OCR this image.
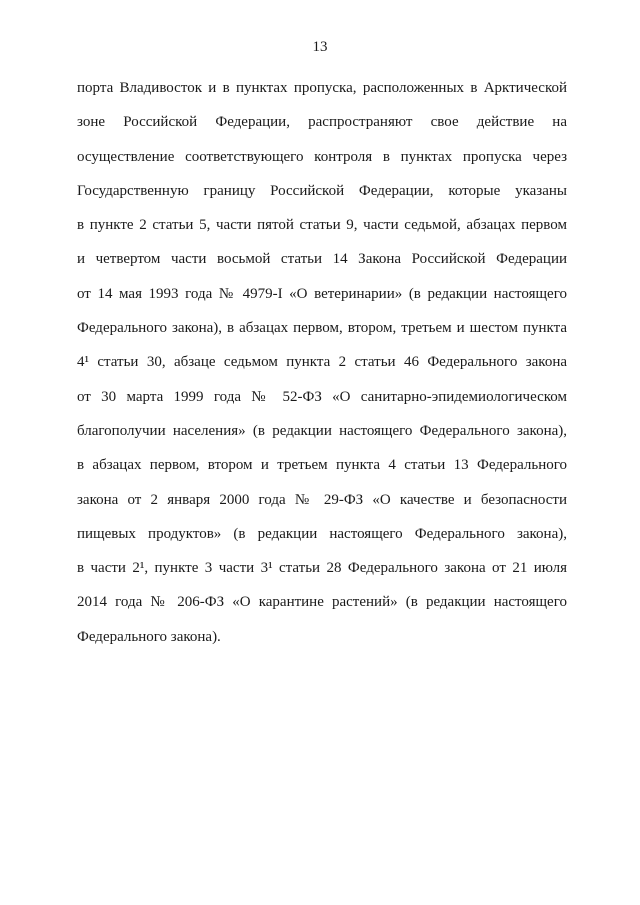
13
порта Владивосток и в пунктах пропуска, расположенных в Арктической
зоне Российской Федерации, распространяют свое действие на
осуществление соответствующего контроля в пунктах пропуска через
Государственную границу Российской Федерации, которые указаны
в пункте 2 статьи 5, части пятой статьи 9, части седьмой, абзацах первом
и четвертом части восьмой статьи 14 Закона Российской Федерации
от 14 мая 1993 года № 4979-I «О ветеринарии» (в редакции настоящего
Федерального закона), в абзацах первом, втором, третьем и шестом пункта
4¹ статьи 30, абзаце седьмом пункта 2 статьи 46 Федерального закона
от 30 марта 1999 года № 52-ФЗ «О санитарно-эпидемиологическом
благополучии населения» (в редакции настоящего Федерального закона),
в абзацах первом, втором и третьем пункта 4 статьи 13 Федерального
закона от 2 января 2000 года № 29-ФЗ «О качестве и безопасности
пищевых продуктов» (в редакции настоящего Федерального закона),
в части 2¹, пункте 3 части 3¹ статьи 28 Федерального закона от 21 июля
2014 года № 206-ФЗ «О карантине растений» (в редакции настоящего
Федерального закона).
